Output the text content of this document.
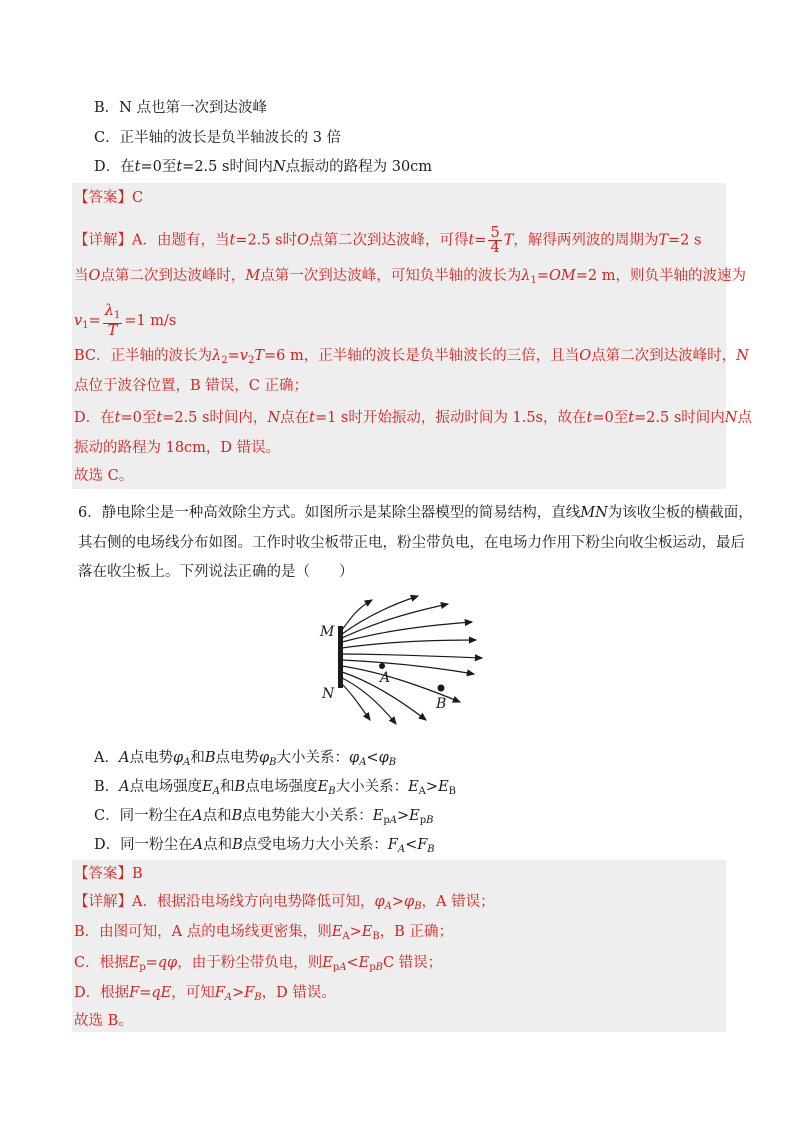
B．N 点也第一次到达波峰
C．正半轴的波长是负半轴波长的 3 倍
D．在t=0至t=2.5 s时间内N点振动的路程为 30cm
【答案】C
【详解】A．由题有，当t=2.5 s时O点第二次到达波峰，可得$t= \frac{5}{4}$ T，解得两列波的周期为T=2 s
当O点第二次到达波峰时，M点第一次到达波峰，可知负半轴的波长为$\lambda_1=OM=2$ m，则负半轴的波速为
$v_1= \frac{\lambda_1}{T} =1$ m/s
BC．正半轴的波长为$\lambda_2=v_2T=6$ m，正半轴的波长是负半轴波长的三倍，且当O点第二次到达波峰时，N
点位于波谷位置，B 错误，C 正确；
D．在t=0至t=2.5 s时间内，N点在t=1 s时开始振动，振动时间为 1.5s，故在t=0至t=2.5 s时间内N点
振动的路程为 18cm，D 错误。
故选 C。
6．静电除尘是一种高效除尘方式。如图所示是某除尘器模型的简易结构，直线MN为该收尘板的横截面，
其右侧的电场线分布如图。工作时收尘板带正电，粉尘带负电，在电场力作用下粉尘向收尘板运动，最后
落在收尘板上。下列说法正确的是（　　）
M
N
A
B
A．A点电势$\varphi_A$和B点电势$\varphi_B$大小关系：$\varphi_A<\varphi_B$
B．A点电场强度$E_A$和B点电场强度$E_B$大小关系：$E_A>E_B$
C．同一粉尘在A点和B点电势能大小关系：$E_{pA}>E_{pB}$
D．同一粉尘在A点和B点受电场力大小关系：$F_A<F_B$
【答案】B
【详解】A．根据沿电场线方向电势降低可知，$\varphi_A>\varphi_B$，A 错误；
B．由图可知，A 点的电场线更密集，则$E_A>E_B$，B 正确；
C．根据$E_p=q\varphi$，由于粉尘带负电，则$E_{pA}<E_{pB}C$ 错误；
D．根据F=qE，可知$F_A>F_B$，D 错误。
故选 B。
